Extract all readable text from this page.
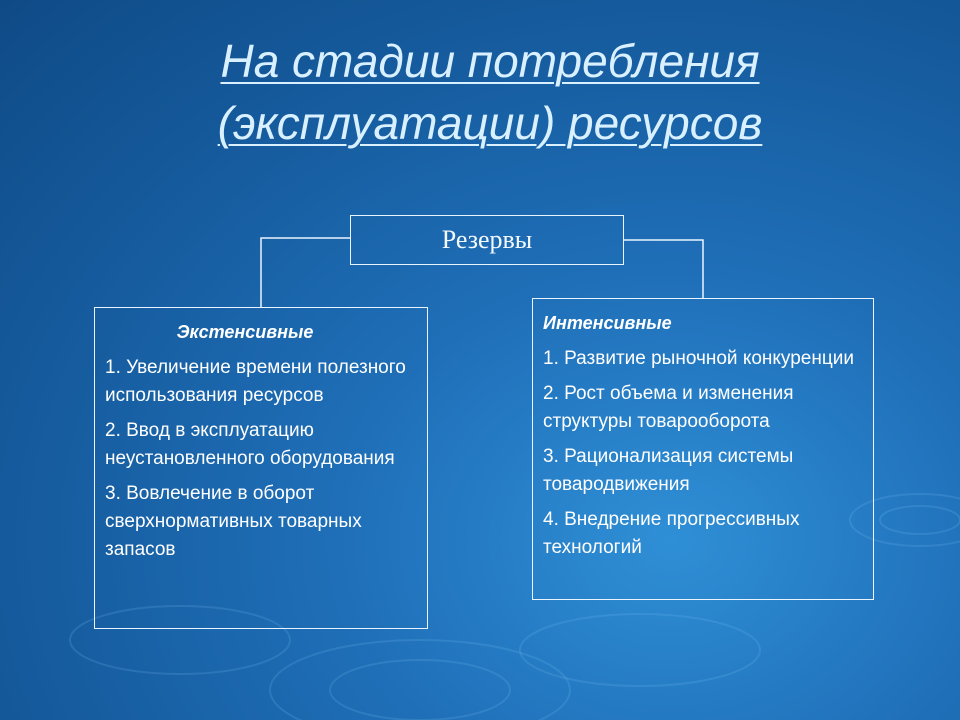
На стадии потребления
(эксплуатации) ресурсов
Резервы
Экстенсивные
1. Увеличение времени полезного использования ресурсов
2. Ввод в эксплуатацию неустановленного оборудования
3. Вовлечение в оборот сверхнормативных товарных запасов
Интенсивные
1. Развитие рыночной конкуренции
2. Рост объема и изменения структуры товарооборота
3. Рационализация системы товародвижения
4. Внедрение прогрессивных технологий
